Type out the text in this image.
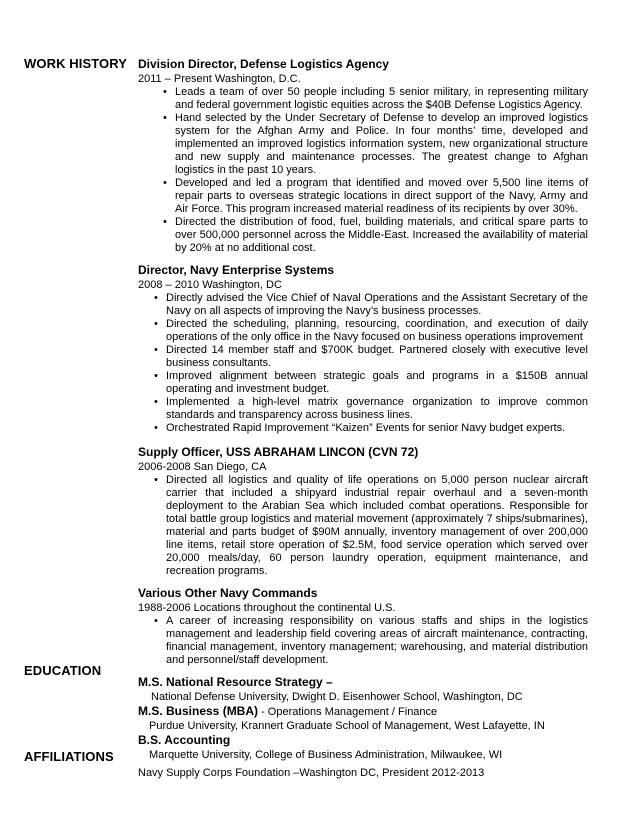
WORK HISTORY
EDUCATION
AFFILIATIONS
Division Director, Defense Logistics Agency
2011 – Present Washington, D.C.
• Leads a team of over 50 people including 5 senior military, in representing military and federal government logistic equities across the $40B Defense Logistics Agency.
• Hand selected by the Under Secretary of Defense to develop an improved logistics system for the Afghan Army and Police. In four months’ time, developed and implemented an improved logistics information system, new organizational structure and new supply and maintenance processes. The greatest change to Afghan logistics in the past 10 years.
• Developed and led a program that identified and moved over 5,500 line items of repair parts to overseas strategic locations in direct support of the Navy, Army and Air Force. This program increased material readiness of its recipients by over 30%.
• Directed the distribution of food, fuel, building materials, and critical spare parts to over 500,000 personnel across the Middle-East. Increased the availability of material by 20% at no additional cost.
Director, Navy Enterprise Systems
2008 – 2010 Washington, DC
• Directly advised the Vice Chief of Naval Operations and the Assistant Secretary of the Navy on all aspects of improving the Navy’s business processes.
• Directed the scheduling, planning, resourcing, coordination, and execution of daily operations of the only office in the Navy focused on business operations improvement
• Directed 14 member staff and $700K budget. Partnered closely with executive level business consultants.
• Improved alignment between strategic goals and programs in a $150B annual operating and investment budget.
• Implemented a high-level matrix governance organization to improve common standards and transparency across business lines.
• Orchestrated Rapid Improvement “Kaizen” Events for senior Navy budget experts.
Supply Officer, USS ABRAHAM LINCON (CVN 72)
2006-2008 San Diego, CA
• Directed all logistics and quality of life operations on 5,000 person nuclear aircraft carrier that included a shipyard industrial repair overhaul and a seven-month deployment to the Arabian Sea which included combat operations. Responsible for total battle group logistics and material movement (approximately 7 ships/submarines), material and parts budget of $90M annually, inventory management of over 200,000 line items, retail store operation of $2.5M, food service operation which served over 20,000 meals/day, 60 person laundry operation, equipment maintenance, and recreation programs.
Various Other Navy Commands
1988-2006 Locations throughout the continental U.S.
• A career of increasing responsibility on various staffs and ships in the logistics management and leadership field covering areas of aircraft maintenance, contracting, financial management, inventory management; warehousing, and material distribution and personnel/staff development.
M.S. National Resource Strategy –
National Defense University, Dwight D. Eisenhower School, Washington, DC
M.S. Business (MBA) - Operations Management / Finance
Purdue University, Krannert Graduate School of Management, West Lafayette, IN
B.S. Accounting
Marquette University, College of Business Administration, Milwaukee, WI
Navy Supply Corps Foundation –Washington DC, President 2012-2013
